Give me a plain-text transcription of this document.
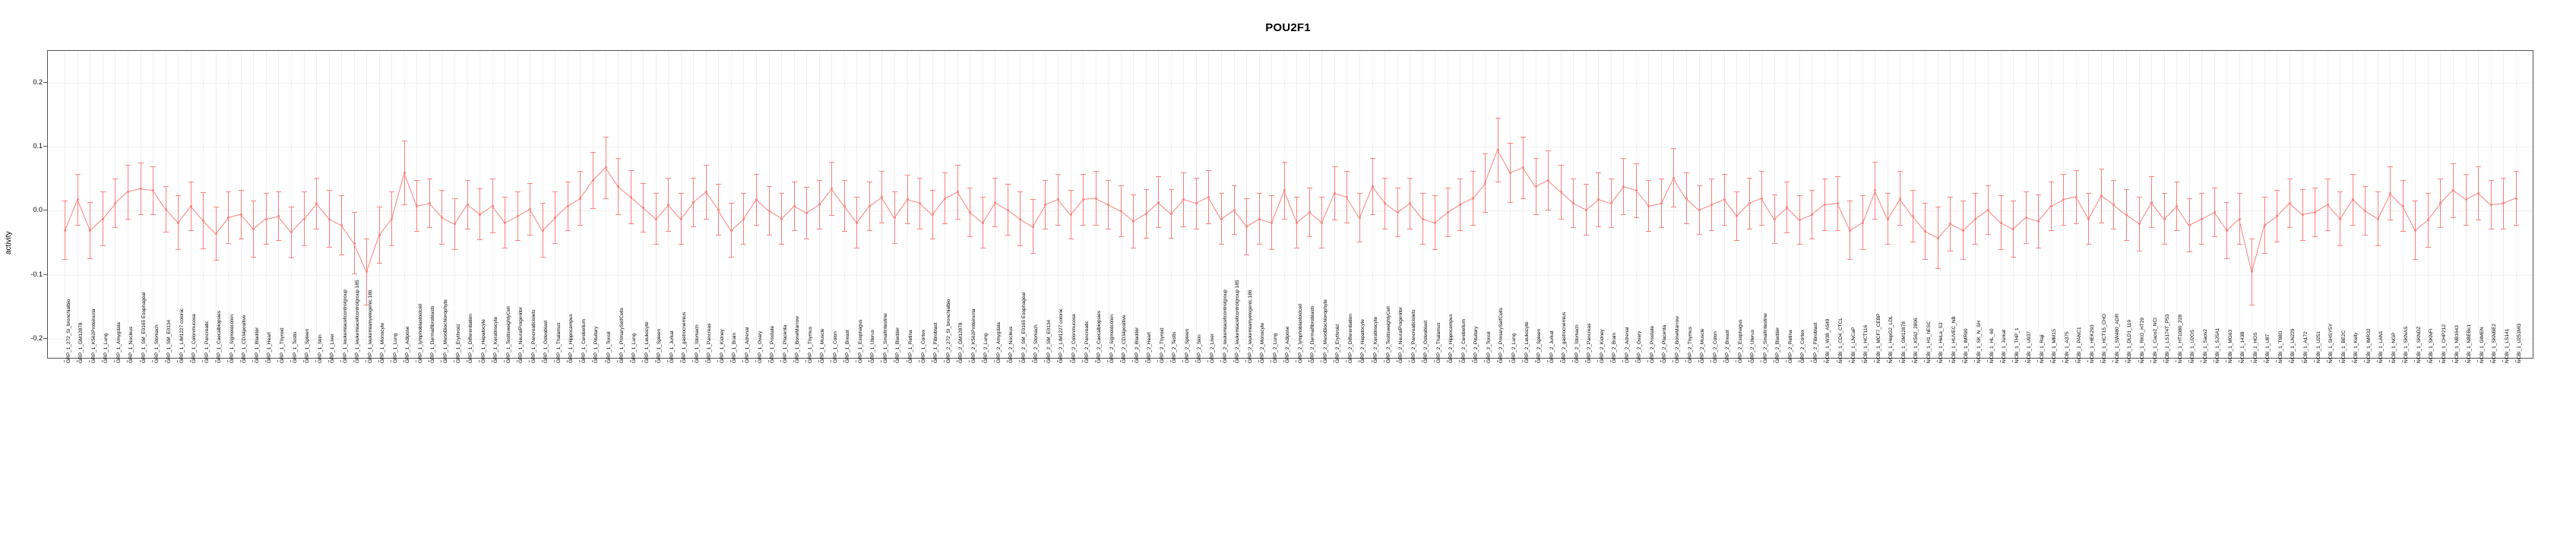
POU2F1
activity
-0.2
-0.1
0.0
0.1
0.2
GRP_1_272_SI_bronchialbio GRP_1_GM12878 GRP_1_K562Proteinuria GRP_1_Lung GRP_1_Amygdala GRP_1_Nucleus GRP_1_SM_E0165 Esophageal GRP_1_Stomach GRP_1_SM_E0134 GRP_1_LIM1227 colonic GRP_1_Colonmucosa GRP_1_Pancreatic GRP_1_Caecalbiopsies GRP_1_Sigmoidcolon GRP_1_CD34positive GRP_1_Bladder GRP_1_Heart GRP_1_Thyroid GRP_1_Testis GRP_1_Spleen GRP_1_Skin GRP_1_Liver GRP_1_leukemiacellcontrolgroup GRP_1_leukemiacellcontrolgroup 185 GRP_1_leukemiamyelogenic 186 GRP_1_Monocyte GRP_1_Lung GRP_1_Adipose GRP_1_lymphoblastoidcell GRP_1_Dermalfibroblasts GRP_1_MesoBiochlorophyte GRP_1_Erythroid GRP_1_Differentiation GRP_1_Hepatocyte GRP_1_Keratinocyte GRP_1_TestisweightyCell GRP_1_NeuralProgenitor GRP_1_Pancreaticislets GRP_1_Osteoblast GRP_1_Thalamus GRP_1_Hippocampus GRP_1_Cerebellum GRP_1_Pituitary GRP_1_Tonsil GRP_1_PrimarySelfCells GRP_1_Lung GRP_1_Leukocyte GRP_1_Spleen GRP_1_Jurkat GRP_1_gastrocnemius GRP_1_Stomach GRP_1_Pancreas GRP_1_Kidney GRP_1_Brain GRP_1_Adrenal GRP_1_Ovary GRP_1_Prostate GRP_1_Placenta GRP_1_BoneMarrow GRP_1_Thymus GRP_1_Muscle GRP_1_Colon GRP_1_Breast GRP_1_Esophagus GRP_1_Uterus GRP_1_SmallIntestine GRP_1_Bladder GRP_1_Retina GRP_1_Cortex GRP_1_Fibroblast GRP_2_272_SI_bronchialbio GRP_2_GM12878 GRP_2_K562Proteinuria GRP_2_Lung GRP_2_Amygdala GRP_2_Nucleus GRP_2_SM_E0165 Esophageal GRP_2_Stomach GRP_2_SM_E0134 GRP_2_LIM1227 colonic GRP_2_Colonmucosa GRP_2_Pancreatic GRP_2_Caecalbiopsies GRP_2_Sigmoidcolon GRP_2_CD34positive GRP_2_Bladder GRP_2_Heart GRP_2_Thyroid GRP_2_Testis GRP_2_Spleen GRP_2_Skin GRP_2_Liver GRP_2_leukemiacellcontrolgroup GRP_2_leukemiacellcontrolgroup 185 GRP_2_leukemiamyelogenic 186 GRP_2_Monocyte GRP_2_Lung GRP_2_Adipose GRP_2_lymphoblastoidcell GRP_2_Dermalfibroblasts GRP_2_MesoBiochlorophyte GRP_2_Erythroid GRP_2_Differentiation GRP_2_Hepatocyte GRP_2_Keratinocyte GRP_2_TestisweightyCell GRP_2_NeuralProgenitor GRP_2_Pancreaticislets GRP_2_Osteoblast GRP_2_Thalamus GRP_2_Hippocampus GRP_2_Cerebellum GRP_2_Pituitary GRP_2_Tonsil GRP_2_PrimarySelfCells GRP_2_Lung GRP_2_Leukocyte GRP_2_Spleen GRP_2_Jurkat GRP_2_gastrocnemius GRP_2_Stomach GRP_2_Pancreas GRP_2_Kidney GRP_2_Brain GRP_2_Adrenal GRP_2_Ovary GRP_2_Prostate GRP_2_Placenta GRP_2_BoneMarrow GRP_2_Thymus GRP_2_Muscle GRP_2_Colon GRP_2_Breast GRP_2_Esophagus GRP_2_Uterus GRP_2_SmallIntestine GRP_2_Bladder GRP_2_Retina GRP_2_Cortex GRP_2_Fibroblast NCBI_1_W38_A549 NCBI_1_CD4_CTCL NCBI_1_LNCaP NCBI_1_HCT116 NCBI_1_MCF7_CEBP NCBI_1_HepG2_LDL NCBI_1_GM12878 NCBI_1_K562_2806 NCBI_1_H1_hESC NCBI_1_HeLa_S3 NCBI_1_HUVEC_NB NCBI_1_IMR90 NCBI_1_SK_N_SH NCBI_1_HL_60 NCBI_1_Jurkat NCBI_1_THP_1 NCBI_1_U937 NCBI_1_Raji NCBI_1_MM1S NCBI_1_A375 NCBI_1_PANC1 NCBI_1_HEK293 NCBI_1_HCT15_CHO NCBI_1_SW480_ADR NCBI_1_DLD1_119 NCBI_1_RKO_HT29 NCBI_1_Caco2_NCI NCBI_1_LS174T_P53 NCBI_1_HT1080_228 NCBI_1_U2OS NCBI_1_Saos2 NCBI_1_SJSA1 NCBI_1_MG63 NCBI_1_143B NCBI_1_HOS NCBI_1_U87 NCBI_1_T98G NCBI_1_LN229 NCBI_1_A172 NCBI_1_U251 NCBI_1_SHSY5Y NCBI_1_BE2C NCBI_1_Kelly NCBI_1_IMR32 NCBI_1_LAN1 NCBI_1_NGP NCBI_1_SKNAS NCBI_1_SKNDZ NCBI_1_SKNFI NCBI_1_CHP212 NCBI_1_NB1643 NCBI_1_NBEBc1 NCBI_1_GIMEN NCBI_1_SKNBE2 NCBI_1_LS141 NCBI_1_U251MG
